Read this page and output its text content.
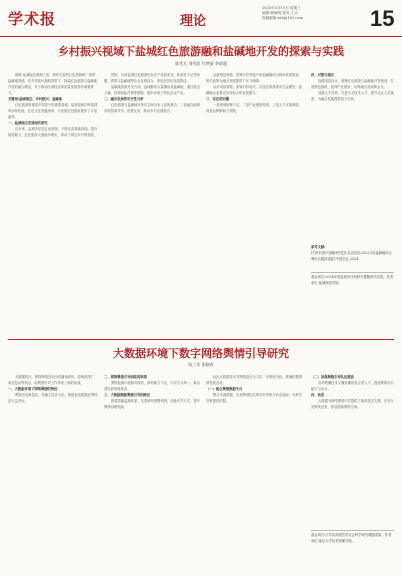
学术报	理论
2025年3月19日 星期三
编辑:韩晓明 校对:王月
投稿邮箱:xsb@163.com	15
乡村振兴视域下盐城红色旅游融和盐碱地开发的探索与实践
陈雪儿 刘雪欣 代梦丽 李颂超

摘要:盐城地处黄海之滨，拥有丰富的红色资源和广袤的盐碱地资源。在乡村振兴战略背景下，探索红色旅游与盐碱地开发的融合路径，对于推动区域经济高质量发展具有重要意义。

关键词:盐城地区；乡村振兴；盐碱地

红色旅游资源是乡村振兴的重要基础。盐城是新四军重建军部所在地，红色文化底蕴深厚，为发展红色旅游提供了丰富素材。

一、盐城地区发展现状研究

近年来，盐城市依托红色资源，不断完善基础设施，提升接待能力，红色旅游人数稳步增长，带动了周边乡村的发展。

然而，当前盐城红色旅游仍存在产品同质化、体验性不足等问题，需要与盐碱地特色农业相结合，形成差异化发展路径。

盐碱地资源开发方面，盐城拥有大量滩涂及盐碱地，通过改良土壤、培育耐盐作物等措施，逐步形成了特色农业产业。

二、融合发展的可行性分析

红色旅游与盐碱地开发在空间分布上高度重合，二者融合能够实现资源共享、优势互补，推动乡村全面振兴。

从政策层面看，国家对乡村振兴和盐碱地综合利用高度重视，相关政策为融合发展提供了有力保障。

从市场层面看，游客对体验式、沉浸式旅游需求日益增长，盐碱地农业观光具有较大的发展潜力。

三、存在的问题

一是规划统筹不足，二是产业链条较短，三是人才支撑薄弱，四是品牌影响力有限。

四、对策与建议

加强顶层设计，统筹红色旅游与盐碱地开发规划，打造特色线路，延伸产业链条，培育融合发展新业态。

加强人才培养，引进专业技术人才，提升从业人员素质，为融合发展提供智力支持。

参考文献:
[1]乡村振兴战略研究[J].农业经济,2023.[2]盐碱地综合利用实践探索[J].中国农业,2024.
基金项目:2024年度盐城市社科研究课题研究成果。作者单位:盐城师范学院。
大数据环境下数字网络舆情引导研究
陈三军 张晓冉

大数据时代，网络舆情呈现出传播速度快、影响范围广、演变复杂等特点，给舆情引导工作带来了新的挑战。

一、大数据环境下网络舆情的特征

舆情信息海量化、传播主体多元化、情绪表达极端化等特征日益突出。

二、网络舆情引导面临的困境

舆情监测手段相对滞后，研判能力不足，引导方式单一，难以适应新形势要求。

三、大数据赋能舆情引导的路径

构建智能监测体系，完善研判预警机制，创新引导方式，提升舆情治理效能。

运用大数据技术对舆情进行全方位、多维度分析，准确把握舆情发展态势。

（一）建立舆情数据平台

整合多源数据，实现舆情信息的实时采集与动态追踪，为科学决策提供依据。

（二）加强舆情引导队伍建设

培养既懂技术又懂传播的复合型人才，提高舆情应对能力与水平。

四、结语

大数据为网络舆情引导提供了新的技术支撑，应充分发挥其优势，营造清朗网络空间。

基金项目:江苏省高校哲学社会科学研究课题成果。作者单位:南京大学信息管理学院。
